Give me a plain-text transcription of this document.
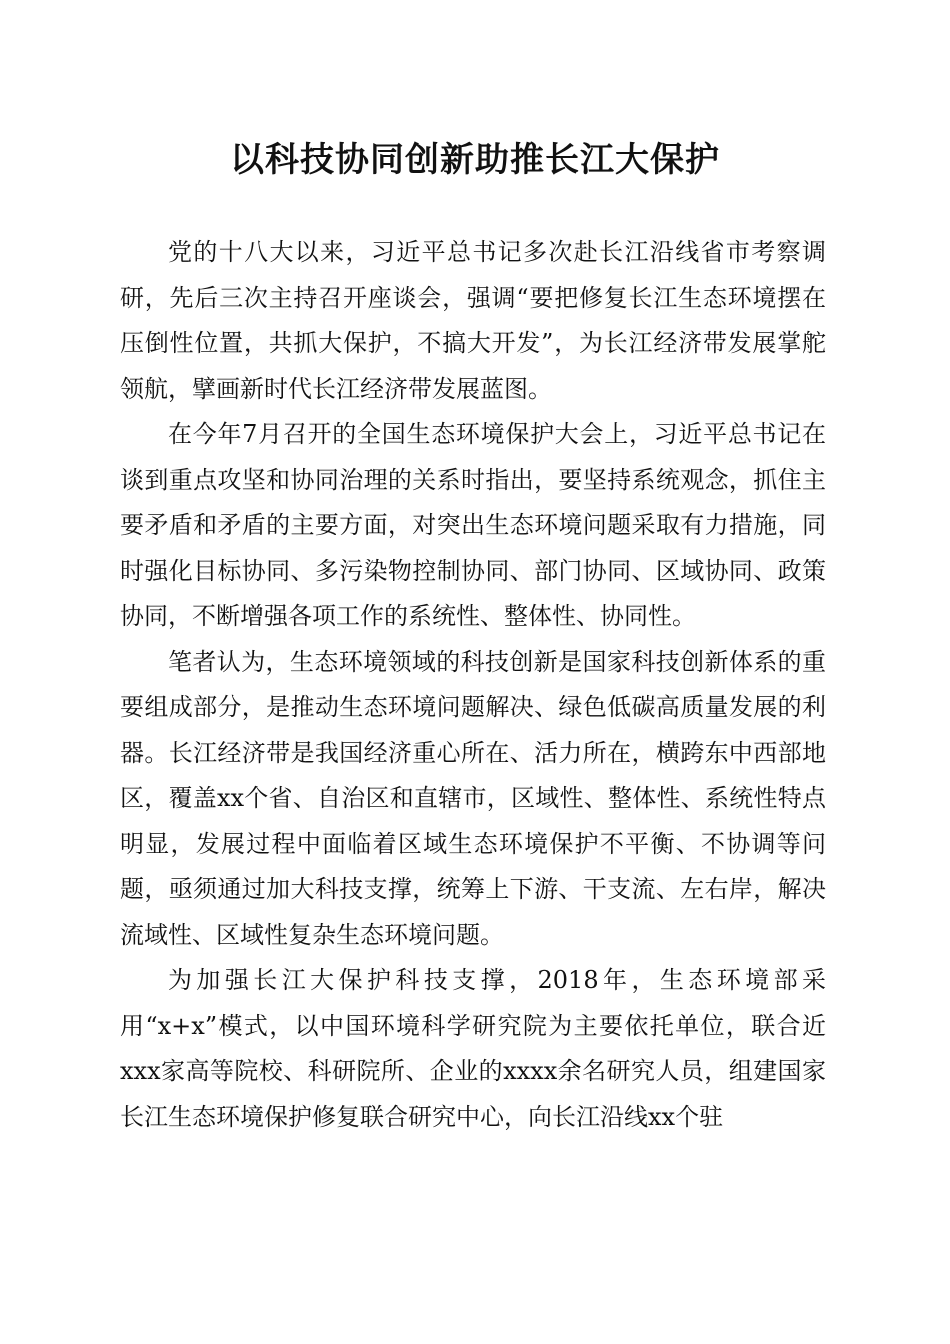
以科技协同创新助推长江大保护

党的十八大以来，习近平总书记多次赴长江沿线省市考察调研，先后三次主持召开座谈会，强调“要把修复长江生态环境摆在压倒性位置，共抓大保护，不搞大开发”，为长江经济带发展掌舵领航，擘画新时代长江经济带发展蓝图。

在今年7月召开的全国生态环境保护大会上，习近平总书记在谈到重点攻坚和协同治理的关系时指出，要坚持系统观念，抓住主要矛盾和矛盾的主要方面，对突出生态环境问题采取有力措施，同时强化目标协同、多污染物控制协同、部门协同、区域协同、政策协同，不断增强各项工作的系统性、整体性、协同性。

笔者认为，生态环境领域的科技创新是国家科技创新体系的重要组成部分，是推动生态环境问题解决、绿色低碳高质量发展的利器。长江经济带是我国经济重心所在、活力所在，横跨东中西部地区，覆盖xx个省、自治区和直辖市，区域性、整体性、系统性特点明显，发展过程中面临着区域生态环境保护不平衡、不协调等问题，亟须通过加大科技支撑，统筹上下游、干支流、左右岸，解决流域性、区域性复杂生态环境问题。

为加强长江大保护科技支撑，2018年，生态环境部采用“x+x”模式，以中国环境科学研究院为主要依托单位，联合近xxx家高等院校、科研院所、企业的xxxx余名研究人员，组建国家长江生态环境保护修复联合研究中心，向长江沿线xx个驻
